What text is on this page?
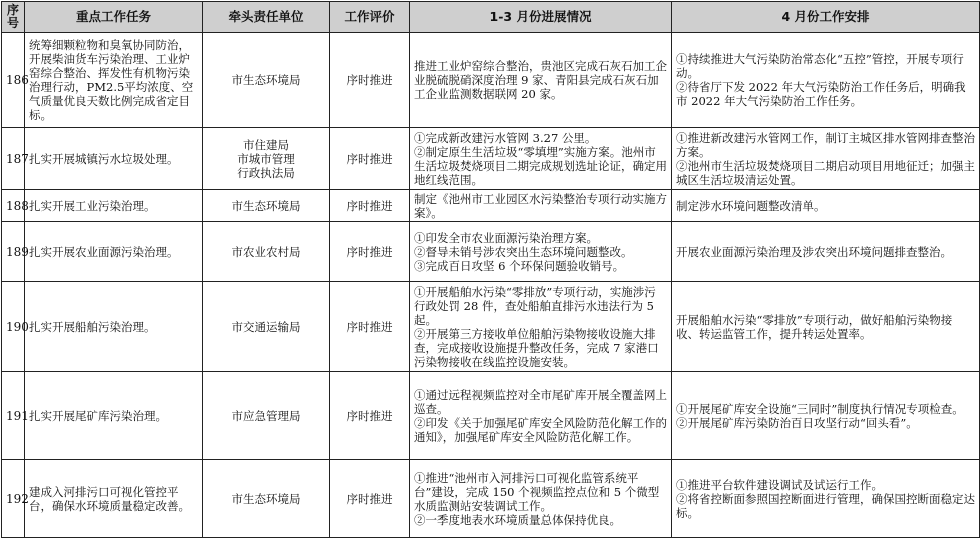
序号	重点工作任务	牵头责任单位	工作评价	1-3 月份进展情况	4 月份工作安排
186	统筹细颗粒物和臭氧协同防治，开展柴油货车污染治理、工业炉窑综合整治、挥发性有机物污染治理行动，PM2.5平均浓度、空气质量优良天数比例完成省定目标。	市生态环境局	序时推进	推进工业炉窑综合整治，贵池区完成石灰石加工企业脱硫脱硝深度治理 9 家、青阳县完成石灰石加工企业监测数据联网 20 家。	①持续推进大气污染防治常态化“五控”管控，开展专项行动。
②待省厅下发 2022 年大气污染防治工作任务后，明确我市 2022 年大气污染防治工作任务。
187	扎实开展城镇污水垃圾处理。	市住建局
市城市管理
行政执法局	序时推进	①完成新改建污水管网 3.27 公里。
②制定原生生活垃圾“零填埋”实施方案。池州市生活垃圾焚烧项目二期完成规划选址论证，确定用地红线范围。	①推进新改建污水管网工作，制订主城区排水管网排查整治方案。
②池州市生活垃圾焚烧项目二期启动项目用地征迁；加强主城区生活垃圾清运处置。
188	扎实开展工业污染治理。	市生态环境局	序时推进	制定《池州市工业园区水污染整治专项行动实施方案》。	制定涉水环境问题整改清单。
189	扎实开展农业面源污染治理。	市农业农村局	序时推进	①印发全市农业面源污染治理方案。
②督导未销号涉农突出生态环境问题整改。
③完成百日攻坚 6 个环保问题验收销号。	开展农业面源污染治理及涉农突出环境问题排查整治。
190	扎实开展船舶污染治理。	市交通运输局	序时推进	①开展船舶水污染“零排放”专项行动，实施涉污行政处罚 28 件，查处船舶直排污水违法行为 5 起。
②开展第三方接收单位船舶污染物接收设施大排查，完成接收设施提升整改任务，完成 7 家港口污染物接收在线监控设施安装。	开展船舶水污染“零排放”专项行动，做好船舶污染物接收、转运监管工作，提升转运处置率。
191	扎实开展尾矿库污染治理。	市应急管理局	序时推进	①通过远程视频监控对全市尾矿库开展全覆盖网上巡查。
②印发《关于加强尾矿库安全风险防范化解工作的通知》，加强尾矿库安全风险防范化解工作。	①开展尾矿库安全设施“三同时”制度执行情况专项检查。
②开展尾矿库污染防治百日攻坚行动“回头看”。
192	建成入河排污口可视化管控平台，确保水环境质量稳定改善。	市生态环境局	序时推进	①推进“池州市入河排污口可视化监管系统平台”建设，完成 150 个视频监控点位和 5 个微型水质监测站安装调试工作。
②一季度地表水环境质量总体保持优良。	①推进平台软件建设调试及试运行工作。
②将省控断面参照国控断面进行管理，确保国控断面稳定达标。
